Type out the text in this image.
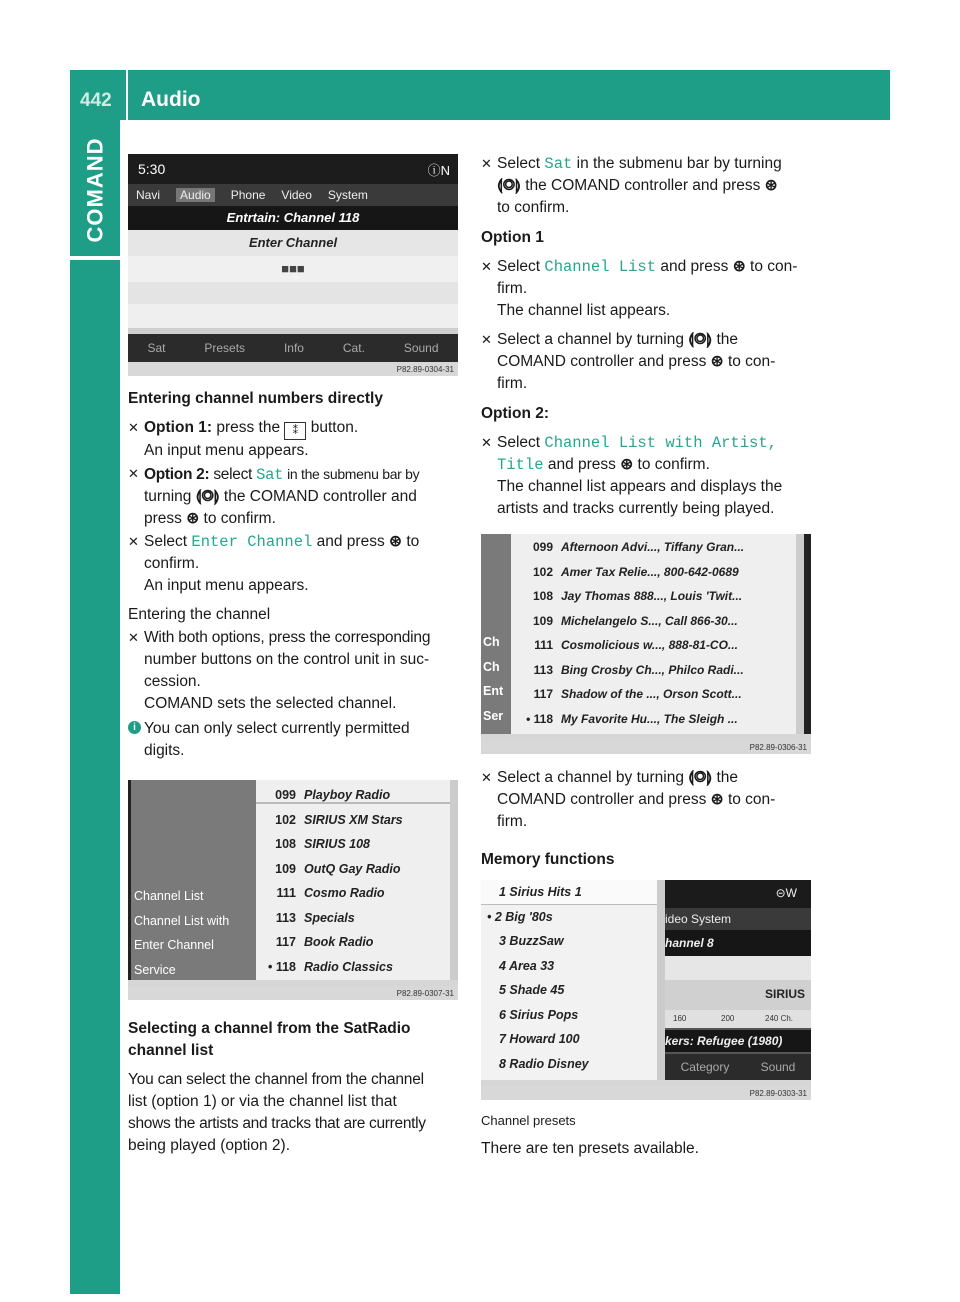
442 Audio
COMAND 5:30	ⓘN
Navi	Audio	Phone Video System
Entrtain: Channel 118
Enter Channel
■■■
Sat	Presets	Info	Cat.	Sound
P82.89-0304-31

Entering channel numbers directly

✕ Option 1: press the ⁑ button.

An input menu appears.

✕ Option 2: select Sat in the submenu bar by

turning ⟬◎⟭ the COMAND controller and

press ⊛ to confirm.

✕ Select Enter Channel and press ⊛ to

confirm.

An input menu appears.

Entering the channel

✕ With both options, press the corresponding

number buttons on the control unit in suc-

cession.

COMAND sets the selected channel.

i You can only select currently permitted

digits.

Channel List
Channel List with
Enter Channel
Service
099 Playboy Radio
102 SIRIUS XM Stars
108 SIRIUS 108
109 OutQ Gay Radio
111 Cosmo Radio
113 Specials
117 Book Radio
• 118 Radio Classics
P82.89-0307-31

Selecting a channel from the SatRadio

channel list

You can select the channel from the channel

list (option 1) or via the channel list that

shows the artists and tracks that are currently

being played (option 2).

✕ Select Sat in the submenu bar by turning

⟬◎⟭ the COMAND controller and press ⊛

to confirm.

Option 1

✕ Select Channel List and press ⊛ to con-

firm.

The channel list appears.

✕ Select a channel by turning ⟬◎⟭ the

COMAND controller and press ⊛ to con-

firm.

Option 2:

✕ Select Channel List with Artist,

Title and press ⊛ to confirm.

The channel list appears and displays the

artists and tracks currently being played.

Ch
Ch
Ent
Ser
099 Afternoon Advi..., Tiffany Gran...
102 Amer Tax Relie..., 800-642-0689
108 Jay Thomas 888..., Louis 'Twit...
109 Michelangelo S..., Call 866-30...
111 Cosmolicious w..., 888-81-CO...
113 Bing Crosby Ch..., Philco Radi...
117 Shadow of the ..., Orson Scott...
• 118 My Favorite Hu..., The Sleigh ...
P82.89-0306-31

✕ Select a channel by turning ⟬◎⟭ the

COMAND controller and press ⊛ to con-

firm.

Memory functions

1 Sirius Hits 1
• 2 Big '80s
3 BuzzSaw
4 Area 33
5 Shade 45
6 Sirius Pops
7 Howard 100
8 Radio Disney
⊝W
ideo System
hannel 8
SIRIUS
160	200	240 Ch.
kers: Refugee (1980)
Category	Sound
P82.89-0303-31

Channel presets

There are ten presets available.
